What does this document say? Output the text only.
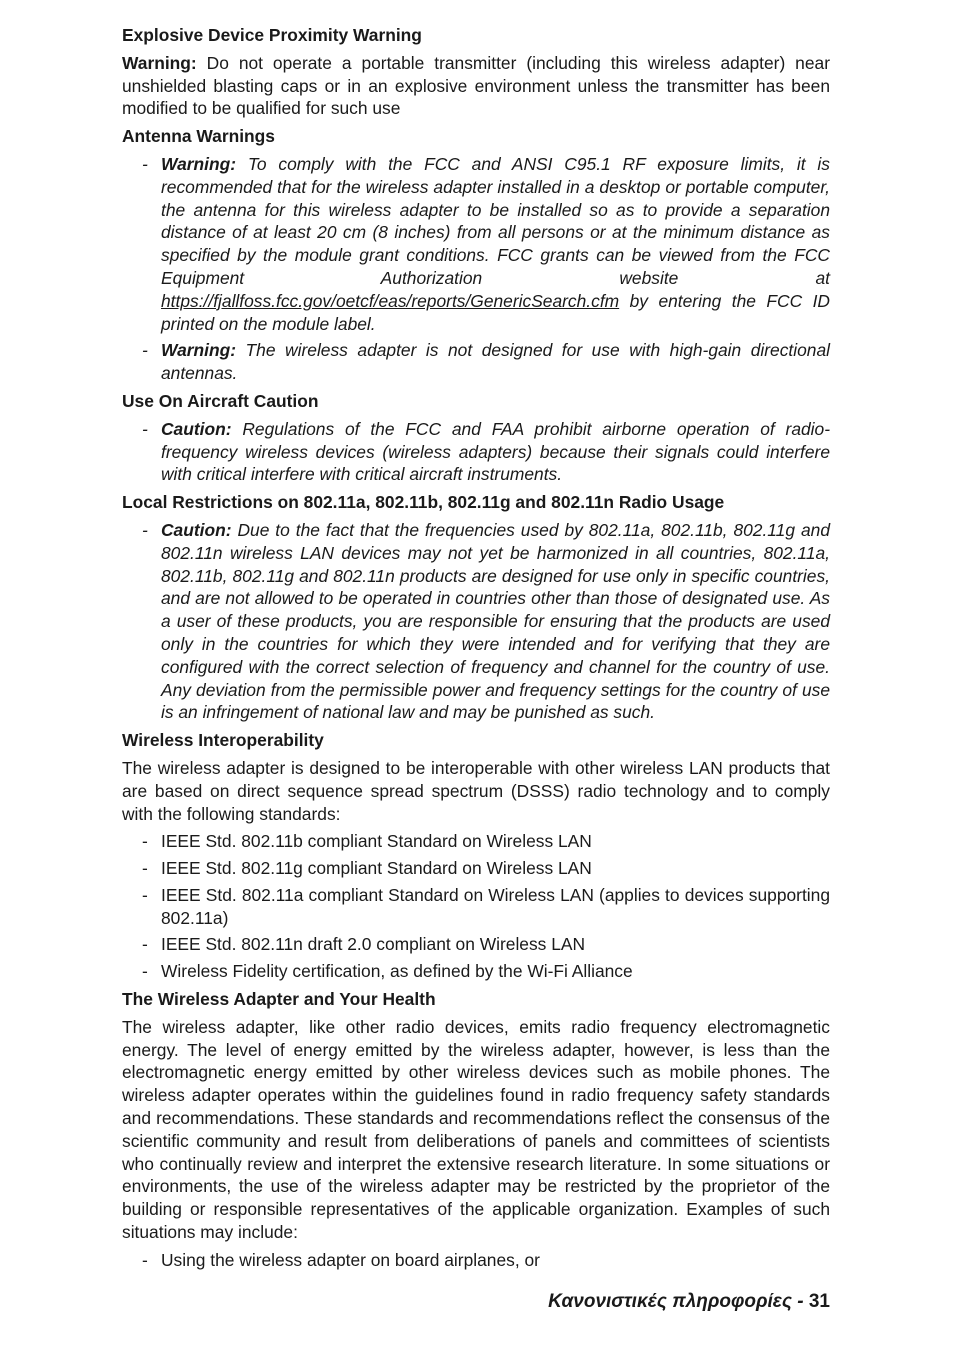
Explosive Device Proximity Warning

Warning: Do not operate a portable transmitter (including this wireless adapter) near unshielded blasting caps or in an explosive environment unless the transmitter has been modified to be qualified for such use

Antenna Warnings
- Warning: To comply with the FCC and ANSI C95.1 RF exposure limits, it is recommended that for the wireless adapter installed in a desktop or portable computer, the antenna for this wireless adapter to be installed so as to provide a separation distance of at least 20 cm (8 inches) from all persons or at the minimum distance as specified by the module grant conditions. FCC grants can be viewed from the FCC Equipment Authorization website at https://fjallfoss.fcc.gov/oetcf/eas/reports/GenericSearch.cfm by entering the FCC ID printed on the module label.
- Warning: The wireless adapter is not designed for use with high-gain directional antennas.
Use On Aircraft Caution
- Caution: Regulations of the FCC and FAA prohibit airborne operation of radio-frequency wireless devices (wireless adapters) because their signals could interfere with critical interfere with critical aircraft instruments.
Local Restrictions on 802.11a, 802.11b, 802.11g and 802.11n Radio Usage
- Caution: Due to the fact that the frequencies used by 802.11a, 802.11b, 802.11g and 802.11n wireless LAN devices may not yet be harmonized in all countries, 802.11a, 802.11b, 802.11g and 802.11n products are designed for use only in specific countries, and are not allowed to be operated in countries other than those of designated use. As a user of these products, you are responsible for ensuring that the products are used only in the countries for which they were intended and for verifying that they are configured with the correct selection of frequency and channel for the country of use. Any deviation from the permissible power and frequency settings for the country of use is an infringement of national law and may be punished as such.
Wireless Interoperability

The wireless adapter is designed to be interoperable with other wireless LAN products that are based on direct sequence spread spectrum (DSSS) radio technology and to comply with the following standards:

- IEEE Std. 802.11b compliant Standard on Wireless LAN
- IEEE Std. 802.11g compliant Standard on Wireless LAN
- IEEE Std. 802.11a compliant Standard on Wireless LAN (applies to devices supporting 802.11a)
- IEEE Std. 802.11n draft 2.0 compliant on Wireless LAN
- Wireless Fidelity certification, as defined by the Wi-Fi Alliance
The Wireless Adapter and Your Health

The wireless adapter, like other radio devices, emits radio frequency electromagnetic energy. The level of energy emitted by the wireless adapter, however, is less than the electromagnetic energy emitted by other wireless devices such as mobile phones. The wireless adapter operates within the guidelines found in radio frequency safety standards and recommendations. These standards and recommendations reflect the consensus of the scientific community and result from deliberations of panels and committees of scientists who continually review and interpret the extensive research literature. In some situations or environments, the use of the wireless adapter may be restricted by the proprietor of the building or responsible representatives of the applicable organization. Examples of such situations may include:

- Using the wireless adapter on board airplanes, or
Κανονιστικές πληροφορίες - 31
